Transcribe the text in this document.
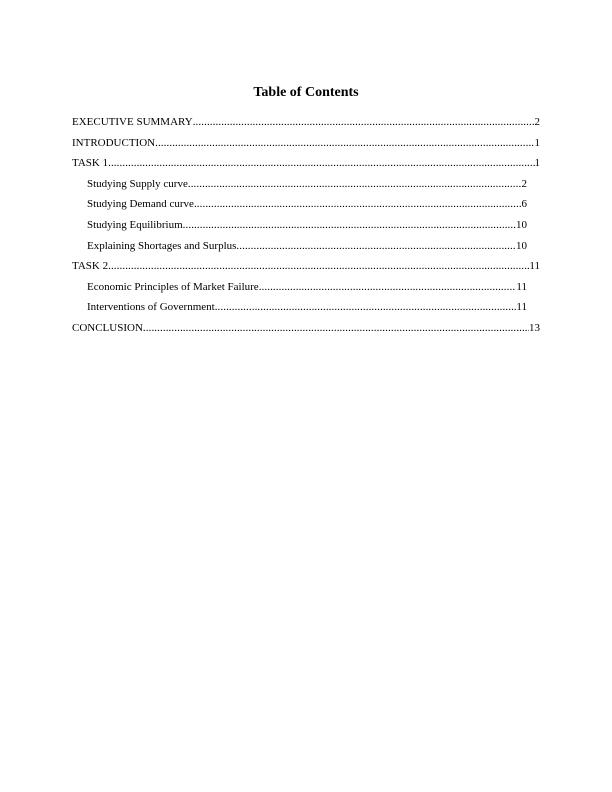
Table of Contents
EXECUTIVE SUMMARY .....	2
INTRODUCTION .....	1
TASK 1 .....	1
Studying Supply curve .....	2
Studying Demand curve .....	6
Studying Equilibrium .....	10
Explaining Shortages and Surplus .....	10
TASK 2 .....	11
Economic Principles of Market Failure .....	11
Interventions of Government .....	11
CONCLUSION .....	13
